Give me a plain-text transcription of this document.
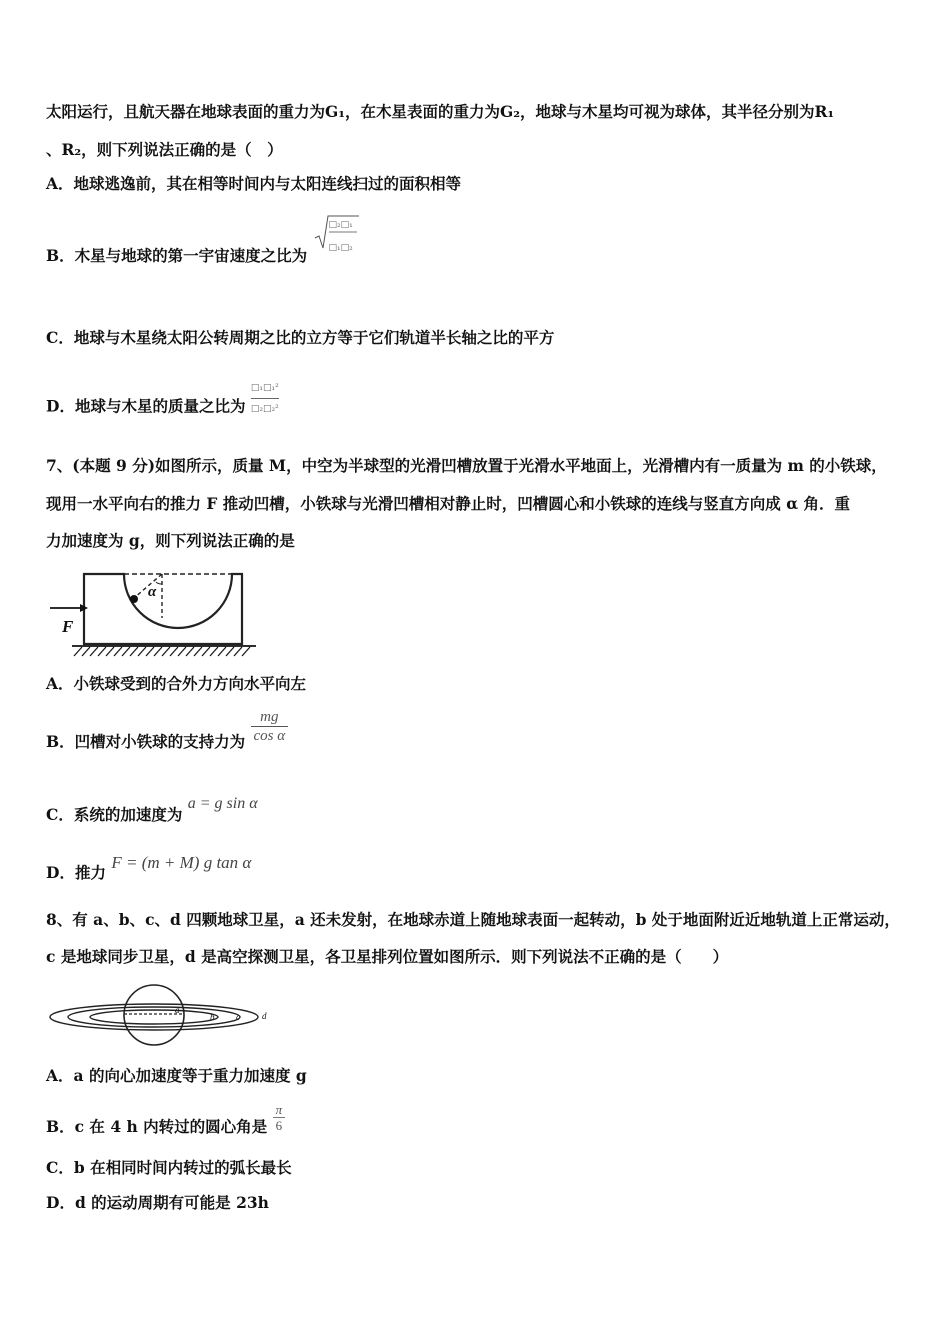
太阳运行，且航天器在地球表面的重力为G₁，在木星表面的重力为G₂，地球与木星均可视为球体，其半径分别为R₁
、R₂，则下列说法正确的是（　）
A．地球逃逸前，其在相等时间内与太阳连线扫过的面积相等
B．木星与地球的第一宇宙速度之比为
□₂□₁
□₁□₂
C．地球与木星绕太阳公转周期之比的立方等于它们轨道半长轴之比的平方
D．地球与木星的质量之比为
□₁□₁²
□₂□₂²
7、(本题 9 分)如图所示，质量 M，中空为半球型的光滑凹槽放置于光滑水平地面上，光滑槽内有一质量为 m 的小铁球，
现用一水平向右的推力 F 推动凹槽，小铁球与光滑凹槽相对静止时，凹槽圆心和小铁球的连线与竖直方向成 α 角．重
力加速度为 g，则下列说法正确的是
α
F
A．小铁球受到的合外力方向水平向左
B．凹槽对小铁球的支持力为 $\frac{mg}{\text{cos α}}$
C．系统的加速度为 a = g sin α
D．推力 F = (m + M) g tan α
8、有 a、b、c、d 四颗地球卫星，a 还未发射，在地球赤道上随地球表面一起转动，b 处于地面附近近地轨道上正常运动，
c 是地球同步卫星，d 是高空探测卫星，各卫星排列位置如图所示．则下列说法不正确的是（　　）
a
b c d
A．a 的向心加速度等于重力加速度 g
B．c 在 4 h 内转过的圆心角是 $\frac{\pi}{6}$
C．b 在相同时间内转过的弧长最长
D．d 的运动周期有可能是 23h
